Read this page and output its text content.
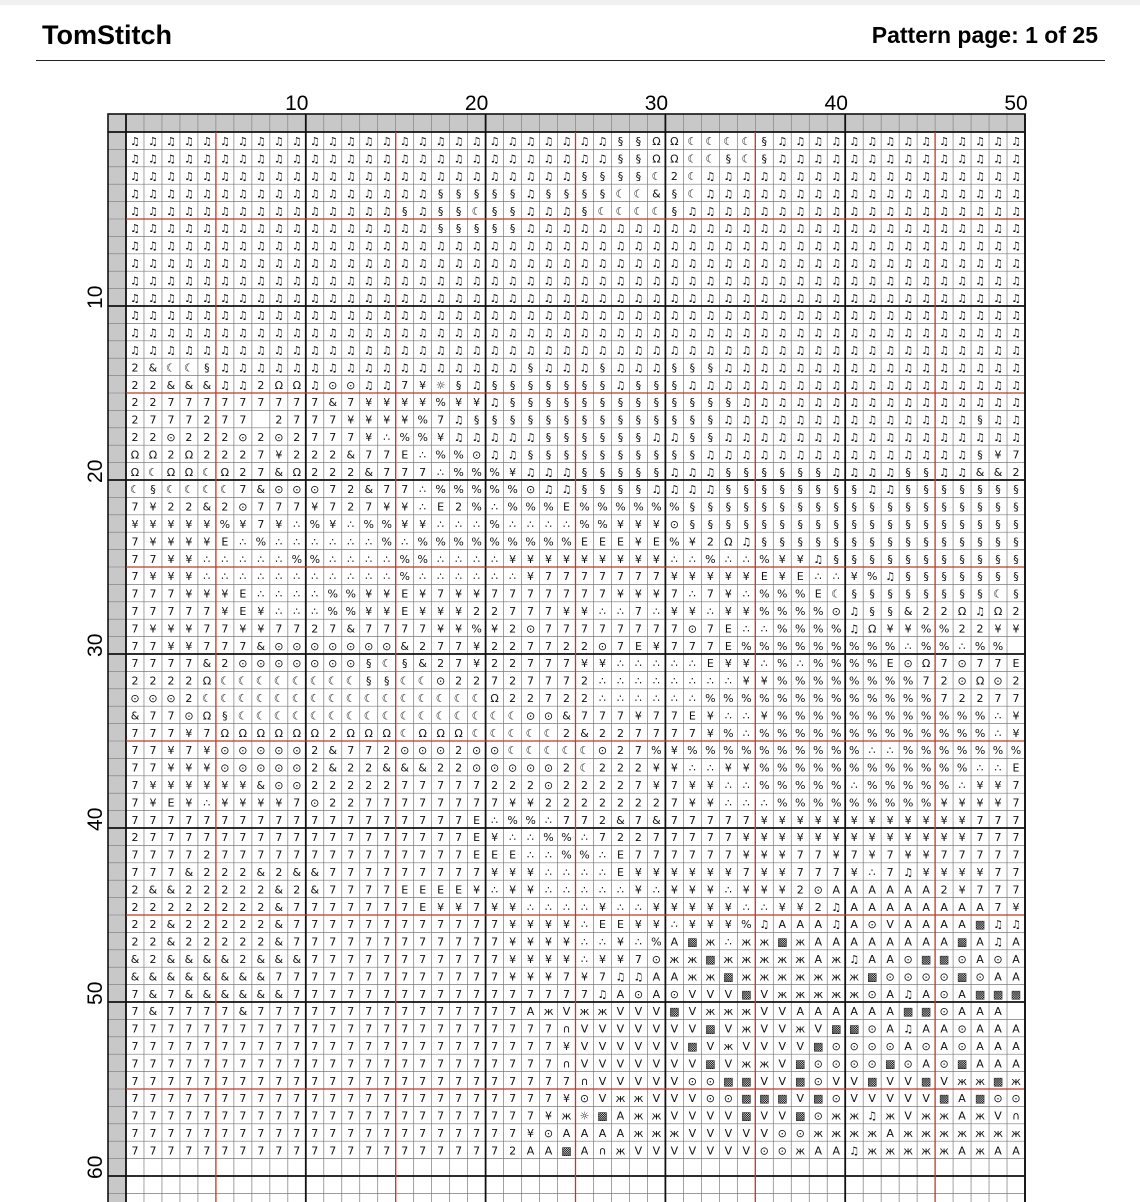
TomStitch	Pattern page: 1 of 25
♫ ♫ ♫ ♫ ♫ ♫ ♫ ♫ ♫ ♫ ♫ ♫ ♫ ♫ ♫ ♫ ♫ ♫ ♫ ♫ ♫ ♫ ♫ ♫ ♫ ♫ ♫ § § Ω Ω ☾ ☾ ☾ ☾ § ♫ ♫ ♫ ♫ ♫ ♫ ♫ ♫ ♫ ♫ ♫ ♫ ♫ ♫
♫ ♫ ♫ ♫ ♫ ♫ ♫ ♫ ♫ ♫ ♫ ♫ ♫ ♫ ♫ ♫ ♫ ♫ ♫ ♫ ♫ ♫ ♫ ♫ ♫ ♫ ♫ § § Ω Ω ☾ ☾ § ☾ § ♫ ♫ ♫ ♫ ♫ ♫ ♫ ♫ ♫ ♫ ♫ ♫ ♫ ♫
♫ ♫ ♫ ♫ ♫ ♫ ♫ ♫ ♫ ♫ ♫ ♫ ♫ ♫ ♫ ♫ ♫ ♫ ♫ ♫ ♫ ♫ ♫ ♫ ♫ § § § § ☾ 2 ☾ ♫ ♫ ♫ ♫ ♫ ♫ ♫ ♫ ♫ ♫ ♫ ♫ ♫ ♫ ♫ ♫ ♫ ♫
♫ ♫ ♫ ♫ ♫ ♫ ♫ ♫ ♫ ♫ ♫ ♫ ♫ ♫ ♫ ♫ ♫ § § § § § ♫ § § § § ☾ ☾ & § ☾ ♫ ♫ ♫ ♫ ♫ ♫ ♫ ♫ ♫ ♫ ♫ ♫ ♫ ♫ ♫ ♫ ♫ ♫
♫ ♫ ♫ ♫ ♫ ♫ ♫ ♫ ♫ ♫ ♫ ♫ ♫ ♫ ♫ § ♫ § § ☾ § § ♫ ♫ ♫ § ☾ ☾ ☾ ☾ § ♫ ♫ ♫ ♫ ♫ ♫ ♫ ♫ ♫ ♫ ♫ ♫ ♫ ♫ ♫ ♫ ♫ ♫ ♫
♫ ♫ ♫ ♫ ♫ ♫ ♫ ♫ ♫ ♫ ♫ ♫ ♫ ♫ ♫ ♫ ♫ § § § § § ♫ ♫ ♫ ♫ ♫ ♫ ♫ ♫ ♫ ♫ ♫ ♫ ♫ ♫ ♫ ♫ ♫ ♫ ♫ ♫ ♫ ♫ ♫ ♫ ♫ ♫ ♫ ♫
♫ ♫ ♫ ♫ ♫ ♫ ♫ ♫ ♫ ♫ ♫ ♫ ♫ ♫ ♫ ♫ ♫ ♫ ♫ ♫ ♫ ♫ ♫ ♫ ♫ ♫ ♫ ♫ ♫ ♫ ♫ ♫ ♫ ♫ ♫ ♫ ♫ ♫ ♫ ♫ ♫ ♫ ♫ ♫ ♫ ♫ ♫ ♫ ♫ ♫
♫ ♫ ♫ ♫ ♫ ♫ ♫ ♫ ♫ ♫ ♫ ♫ ♫ ♫ ♫ ♫ ♫ ♫ ♫ ♫ ♫ ♫ ♫ ♫ ♫ ♫ ♫ ♫ ♫ ♫ ♫ ♫ ♫ ♫ ♫ ♫ ♫ ♫ ♫ ♫ ♫ ♫ ♫ ♫ ♫ ♫ ♫ ♫ ♫ ♫
♫ ♫ ♫ ♫ ♫ ♫ ♫ ♫ ♫ ♫ ♫ ♫ ♫ ♫ ♫ ♫ ♫ ♫ ♫ ♫ ♫ ♫ ♫ ♫ ♫ ♫ ♫ ♫ ♫ ♫ ♫ ♫ ♫ ♫ ♫ ♫ ♫ ♫ ♫ ♫ ♫ ♫ ♫ ♫ ♫ ♫ ♫ ♫ ♫ ♫
♫ ♫ ♫ ♫ ♫ ♫ ♫ ♫ ♫ ♫ ♫ ♫ ♫ ♫ ♫ ♫ ♫ ♫ ♫ ♫ ♫ ♫ ♫ ♫ ♫ ♫ ♫ ♫ ♫ ♫ ♫ ♫ ♫ ♫ ♫ ♫ ♫ ♫ ♫ ♫ ♫ ♫ ♫ ♫ ♫ ♫ ♫ ♫ ♫ ♫
♫ ♫ ♫ ♫ ♫ ♫ ♫ ♫ ♫ ♫ ♫ ♫ ♫ ♫ ♫ ♫ ♫ ♫ ♫ ♫ ♫ ♫ ♫ ♫ ♫ ♫ ♫ ♫ ♫ ♫ ♫ ♫ ♫ ♫ ♫ ♫ ♫ ♫ ♫ ♫ ♫ ♫ ♫ ♫ ♫ ♫ ♫ ♫ ♫ ♫
♫ ♫ ♫ ♫ ♫ ♫ ♫ ♫ ♫ ♫ ♫ ♫ ♫ ♫ ♫ ♫ ♫ ♫ ♫ ♫ ♫ ♫ ♫ ♫ ♫ ♫ ♫ ♫ ♫ ♫ ♫ ♫ ♫ ♫ ♫ ♫ ♫ ♫ ♫ ♫ ♫ ♫ ♫ ♫ ♫ ♫ ♫ ♫ ♫ ♫
♫ ♫ ♫ ♫ ♫ ♫ ♫ ♫ ♫ ♫ ♫ ♫ ♫ ♫ ♫ ♫ ♫ ♫ ♫ ♫ ♫ ♫ ♫ ♫ ♫ ♫ ♫ ♫ ♫ ♫ ♫ ♫ ♫ ♫ ♫ ♫ ♫ ♫ ♫ ♫ ♫ ♫ ♫ ♫ ♫ ♫ ♫ ♫ ♫ ♫
2 & ☾ ☾ § ♫ ♫ ♫ ♫ ♫ ♫ ♫ ♫ ♫ ♫ ♫ ♫ ♫ ♫ ♫ ♫ ♫ § ♫ ♫ ♫ § ♫ ♫ ♫ § § § ♫ ♫ ♫ ♫ ♫ ♫ ♫ ♫ ♫ ♫ ♫ ♫ ♫ ♫ ♫ ♫ ♫
2 2 & & & ♫ ♫ 2 Ω Ω ♫ ⊙ ⊙ ♫ ♫ 7 ¥ ☼ § ♫ § § § § § § § ♫ § § § ♫ ♫ ♫ ♫ ♫ ♫ ♫ ♫ ♫ ♫ ♫ ♫ ♫ ♫ ♫ ♫ ♫ ♫ ♫
2 2 7 7 7 7 7 7 7 7 7 & 7 ¥ ¥ ¥ ¥ % ¥ ¥ ♫ § § § § § § § § § § § § § ♫ ♫ ♫ ♫ ♫ ♫ ♫ ♫ ♫ ♫ ♫ ♫ ♫ ♫ ♫ ♫
2 7 7 7 2 7 7	2 7 7 7 ¥ ¥ ¥ ¥ % 7 ♫ § § § § § § § § § § § § § § ♫ ♫ ♫ ♫ ♫ ♫ ♫ ♫ ♫ ♫ ♫ ♫ ♫ ♫ § ♫ ♫
2 2 ⊙ 2 2 2 ⊙ 2 ⊙ 2 7 7 7 ¥ ∴ % % ¥ ♫ ♫ ♫ ♫ ♫ § § § § § § ♫ ♫ § § ♫ ♫ ♫ ♫ ♫ ♫ ♫ ♫ ♫ ♫ ♫ ♫ ♫ ♫ ♫ ♫ ♫
Ω Ω 2 Ω 2 2 2 7 ¥ 2 2 2 & 7 7 E ∴ % % ⊙ ♫ ♫ § § § § § § § § § § ♫ ♫ ♫ ♫ ♫ ♫ ♫ ♫ ♫ ♫ ♫ ♫ ♫ ♫ ♫ § ¥ 7
Ω ☾ Ω Ω ☾ Ω 2 7 & Ω 2 2 2 & 7 7 7 ∴ % % % ¥ ♫ ♫ ♫ § § § § § ♫ ♫ ♫ § § § § § § ♫ ♫ ♫ ♫ § § ♫ ♫ & & 2
☾ § ☾ ☾ ☾ ☾ 7 & ⊙ ⊙ ⊙ 7 2 & 7 7 ∴ % % % % % ⊙ ♫ ♫ § § § § ♫ ♫ ♫ ♫ § § § § § § § § ♫ ♫ § § § § § § §
7 ¥ 2 2 & 2 ⊙ 7 7 7 ¥ 7 2 7 ¥ ¥ ∴ E 2 % ∴ % % % E % % % % % % § § § § § § § § § § § § § § § § § § §
¥ ¥ ¥ ¥ ¥ % ¥ 7 ¥ ∴ % ¥ ∴ % % ¥ ¥ ∴ ∴ ∴ % ∴ ∴ ∴ ∴ % % ¥ ¥ ¥ ⊙ § § § § § § § § § § § § § § § § § § §
7 ¥ ¥ ¥ ¥ E ∴ % ∴ ∴ ∴ ∴ ∴ ∴ % ∴ % % % % % % % % % E E E ¥ E % ¥ 2 Ω ♫ § § § § § § § § § § § § § § §
7 7 ¥ ¥ ∴ ∴ ∴ ∴ ∴ % % ∴ ∴ ∴ ∴ % % ∴ ∴ ∴ ∴ ¥ ¥ ¥ ¥ ¥ ¥ ¥ ¥ ¥ ∴ ∴ % ∴ ∴ % ¥ ¥ ♫ § § § § § § § § § § §
7 ¥ ¥ ¥ ∴ ∴ ∴ ∴ ∴ ∴ ∴ ∴ ∴ ∴ ∴ % ∴ ∴ ∴ ∴ ∴ ∴ ¥ 7 7 7 7 7 7 7 ¥ ¥ ¥ ¥ ¥ E ¥ E ∴ ∴ ¥ % ♫ § § § § § § §
7 7 7 ¥ ¥ ¥ E ∴ ∴ ∴ ∴ % % ¥ ¥ E ¥ 7 ¥ ¥ 7 7 7 7 7 7 7 ¥ ¥ ¥ 7 ∴ 7 ¥ ∴ % % % E ☾ § § § § § § § § ☾ §
7 7 7 7 7 ¥ E ¥ ∴ ∴ ∴ % % ¥ ¥ E ¥ ¥ ¥ 2 2 7 7 7 ¥ ¥ ∴ ∴ 7 ∴ ¥ ¥ ∴ ¥ ¥ % % % % ⊙ ♫ § § & 2 2 Ω ♫ Ω 2
7 ¥ ¥ ¥ 7 7 ¥ ¥ 7 7 2 7 & 7 7 7 7 ¥ ¥ % ¥ 2 ⊙ 7 7 7 7 7 7 7 7 ⊙ 7 E ∴ ∴ % % % % ♫ Ω ¥ ¥ % % 2 2 ¥ ¥
7 7 ¥ ¥ 7 7 7 & ⊙ ⊙ ⊙ ⊙ ⊙ ⊙ ⊙ & 2 7 7 ¥ 2 2 7 7 2 2 ⊙ 7 E ¥ 7 7 7 E % % % % % % % % % ∴ % % ∴ % %
7 7 7 7 & 2 ⊙ ⊙ ⊙ ⊙ ⊙ ⊙ ⊙ § ☾ § & 2 7 ¥ 2 2 7 7 7 ¥ ¥ ∴ ∴ ∴ ∴ ∴ E ¥ ¥ ∴ % ∴ % % % % E ⊙ Ω 7 ⊙ 7 7 E
2 2 2 2 Ω ☾ ☾ ☾ ☾ ☾ ☾ ☾ ☾ § § ☾ ☾ ⊙ 2 2 7 2 7 7 7 2 ∴ ∴ ∴ ∴ ∴ ∴ ∴ ∴ ¥ ¥ % % % % % % % % 7 2 ⊙ Ω ⊙ 2
⊙ ⊙ ⊙ 2 ☾ ☾ ☾ ☾ ☾ ☾ ☾ ☾ ☾ ☾ ☾ ☾ ☾ ☾ ☾ ☾ Ω 2 2 7 2 2 ∴ ∴ ∴ ∴ ∴ ∴ % % % % % % % % % % % % % 7 2 2 7 7
& 7 7 ⊙ Ω § ☾ ☾ ☾ ☾ ☾ ☾ ☾ ☾ ☾ ☾ ☾ ☾ ☾ ☾ ☾ ☾ ⊙ ⊙ & 7 7 7 ¥ 7 7 E ¥ ∴ ∴ ¥ % % % % % % % % % % % % ∴ ¥
7 7 7 ¥ 7 Ω Ω Ω Ω Ω Ω 2 Ω Ω Ω ☾ Ω Ω Ω ☾ ☾ ☾ ☾ ☾ 2 & 2 2 7 7 7 7 ¥ % ∴ % % % % % % % % % % % % % ∴ ¥
7 7 ¥ 7 ¥ ⊙ ⊙ ⊙ ⊙ ⊙ 2 & 7 7 2 ⊙ ⊙ ⊙ 2 ⊙ ⊙ ☾ ☾ ☾ ☾ ☾ ⊙ 2 7 % ¥ % % % % % % % % % % ∴ ∴ % % % % % % %
7 7 ¥ ¥ ¥ ⊙ ⊙ ⊙ ⊙ ⊙ 2 & 2 2 & & & 2 2 ⊙ ⊙ ⊙ ⊙ ⊙ 2 ☾ 2 2 2 ¥ ¥ ∴ ∴ ¥ ¥ % % % % % % % % % % % % ∴ ∴ E
7 ¥ ¥ ¥ ¥ ¥ ¥ & ⊙ ⊙ 2 2 2 2 2 7 7 7 7 7 2 2 2 ⊙ 2 2 2 2 7 ¥ 7 ¥ ¥ ∴ ∴ % % % % % ∴ % % % % % ∴ ¥ ¥ 7
7 ¥ E ¥ ∴ ¥ ¥ ¥ ¥ 7 ⊙ 2 2 7 7 7 7 7 7 7 7 ¥ ¥ 2 2 2 2 2 2 2 7 ¥ ¥ ∴ ∴ ∴ % % % % % % % % % ¥ ¥ ¥ ¥ 7
7 7 7 7 7 7 7 7 7 7 7 7 7 7 7 7 7 7 7 E ∴ % % ∴ 7 7 2 & 7 & 7 7 7 7 7 ¥ ¥ ¥ ¥ ¥ ¥ ¥ ¥ ¥ ¥ ¥ ¥ 7 7 7
2 7 7 7 7 7 7 7 7 7 7 7 7 7 7 7 7 7 7 E ¥ ∴ ∴ % % ∴ 7 2 2 7 7 7 7 7 ¥ ¥ ¥ ¥ ¥ ¥ ¥ ¥ ¥ ¥ ¥ ¥ ¥ 7 7 7
7 7 7 7 2 7 7 7 7 7 7 7 7 7 7 7 7 7 7 E E E ∴ ∴ % % ∴ E 7 7 7 7 7 7 ¥ ¥ ¥ 7 7 ¥ 7 ¥ 7 ¥ ¥ 7 7 7 7 7
7 7 7 & 2 2 2 & 2 & & 7 7 7 7 7 7 7 7 7 ¥ ¥ ¥ ∴ ∴ ∴ ∴ E ¥ ¥ ¥ ¥ ¥ ¥ 7 ¥ ¥ 7 7 7 ¥ ∴ 7 ♫ ¥ ¥ ¥ ¥ 7 7
2 & & 2 2 2 2 2 & 2 & 7 7 7 7 E E E E ¥ ∴ ¥ ¥ ∴ ∴ ∴ ∴ ∴ ¥ ∴ ¥ ¥ ¥ ∴ ¥ ¥ ¥ 2 ⊙ A A A A A A 2 ¥ 7 7 7
2 2 2 2 2 2 2 2 & 7 7 7 7 7 7 7 E ¥ ¥ 7 ¥ ¥ ∴ ∴ ∴ ∴ ¥ ∴ ∴ ¥ ¥ ¥ ¥ ¥ ∴ ∴ ¥ ¥ 2 ♫ A A A A A A A A 7 ¥
2 2 & 2 2 2 2 2 & 7 7 7 7 7 7 7 7 7 7 7 7 ¥ ¥ ¥ ¥ ∴ E E ¥ ¥ ∴ ¥ ¥ ¥ % ♫ A A A ♫ A ⊙ V A A A A ▩ ♫ ♫
2 2 & 2 2 2 2 2 & 7 7 7 7 7 7 7 7 7 7 7 7 ¥ ¥ ¥ ¥ ∴ ∴ ¥ ∴ % A ▩ ж ∴ ж ж ▩ ж A A A A A A A A ▩ A ♫ A
& 2 & & & & 2 & & & 7 7 7 7 7 7 7 7 7 7 7 ¥ ¥ ¥ ¥ ∴ ¥ ¥ 7 ⊙ ж ж ▩ ж ж ж ж ж A ж ♫ A A ⊙ ▩ ▩ ⊙ A ⊙ A
& & & & & & & & 7 7 7 7 7 7 7 7 7 7 7 7 7 ¥ ¥ ¥ 7 ¥ 7 ♫ ♫ A A ж ж ▩ ж ж ж ж ж ж ж ▩ ⊙ ⊙ ⊙ ⊙ ▩ ⊙ A A
7 & 7 & & & & & & 7 7 7 7 7 7 7 7 7 7 7 7 7 7 7 7 7 ♫ A ⊙ A ⊙ V V V ▩ V ж ж ж ж ж ⊙ A ♫ A ⊙ A ▩ ▩ ▩
7 & 7 7 7 7 & 7 7 7 7 7 7 7 7 7 7 7 7 7 7 7 A ж V ж ж V V V ▩ V ж ж ж V V A A A A A A ▩ ▩ ⊙ A A A
7 7 7 7 7 7 7 7 7 7 7 7 7 7 7 7 7 7 7 7 7 7 7 7 ∩ V V V V V V V ▩ V ж V V ж V ▩ ▩ ⊙ A ♫ A A ⊙ A A A
7 7 7 7 7 7 7 7 7 7 7 7 7 7 7 7 7 7 7 7 7 7 7 7 ¥ V V V V V V ▩ V ж V V V V ▩ ⊙ ⊙ ⊙ ⊙ A ⊙ A ⊙ A A A
7 7 7 7 7 7 7 7 7 7 7 7 7 7 7 7 7 7 7 7 7 7 7 7 ∩ V V V V V V V ▩ V ж ж V ▩ ⊙ ⊙ ⊙ ⊙ ▩ ⊙ A ⊙ ▩ A A A
7 7 7 7 7 7 7 7 7 7 7 7 7 7 7 7 7 7 7 7 7 7 7 7 7 ∩ V V V V V ⊙ ⊙ ▩ ▩ V V ▩ ⊙ V V ▩ V V ▩ V ж ж ▩ ж
7 7 7 7 7 7 7 7 7 7 7 7 7 7 7 7 7 7 7 7 7 7 7 7 ¥ ⊙ V ж ж V V V ⊙ ⊙ ▩ ▩ ▩ V ▩ ⊙ V V V V V ▩ A ▩ ⊙ ⊙
7 7 7 7 7 7 7 7 7 7 7 7 7 7 7 7 7 7 7 7 7 7 7 ¥ ж ☼ ▩ A ж ж V V V V ▩ V V ▩ ⊙ ж ж ♫ ж V ж ж A ж V ∩
7 7 7 7 7 7 7 7 7 7 7 7 7 7 7 7 7 7 7 7 7 7 ¥ ⊙ A A A A ж ж ж V V V V V ⊙ ⊙ ж ж ж ж A ж ж ж ж ж ж ж
7 7 7 7 7 7 7 7 7 7 7 7 7 7 7 7 7 7 7 7 7 2 A A ▩ A ∩ ж V V V V V V V ⊙ ⊙ ж A A ♫ ж ж ж ж ж A ж A A
10	20	30	40	50
10
20
30
40
50
60
